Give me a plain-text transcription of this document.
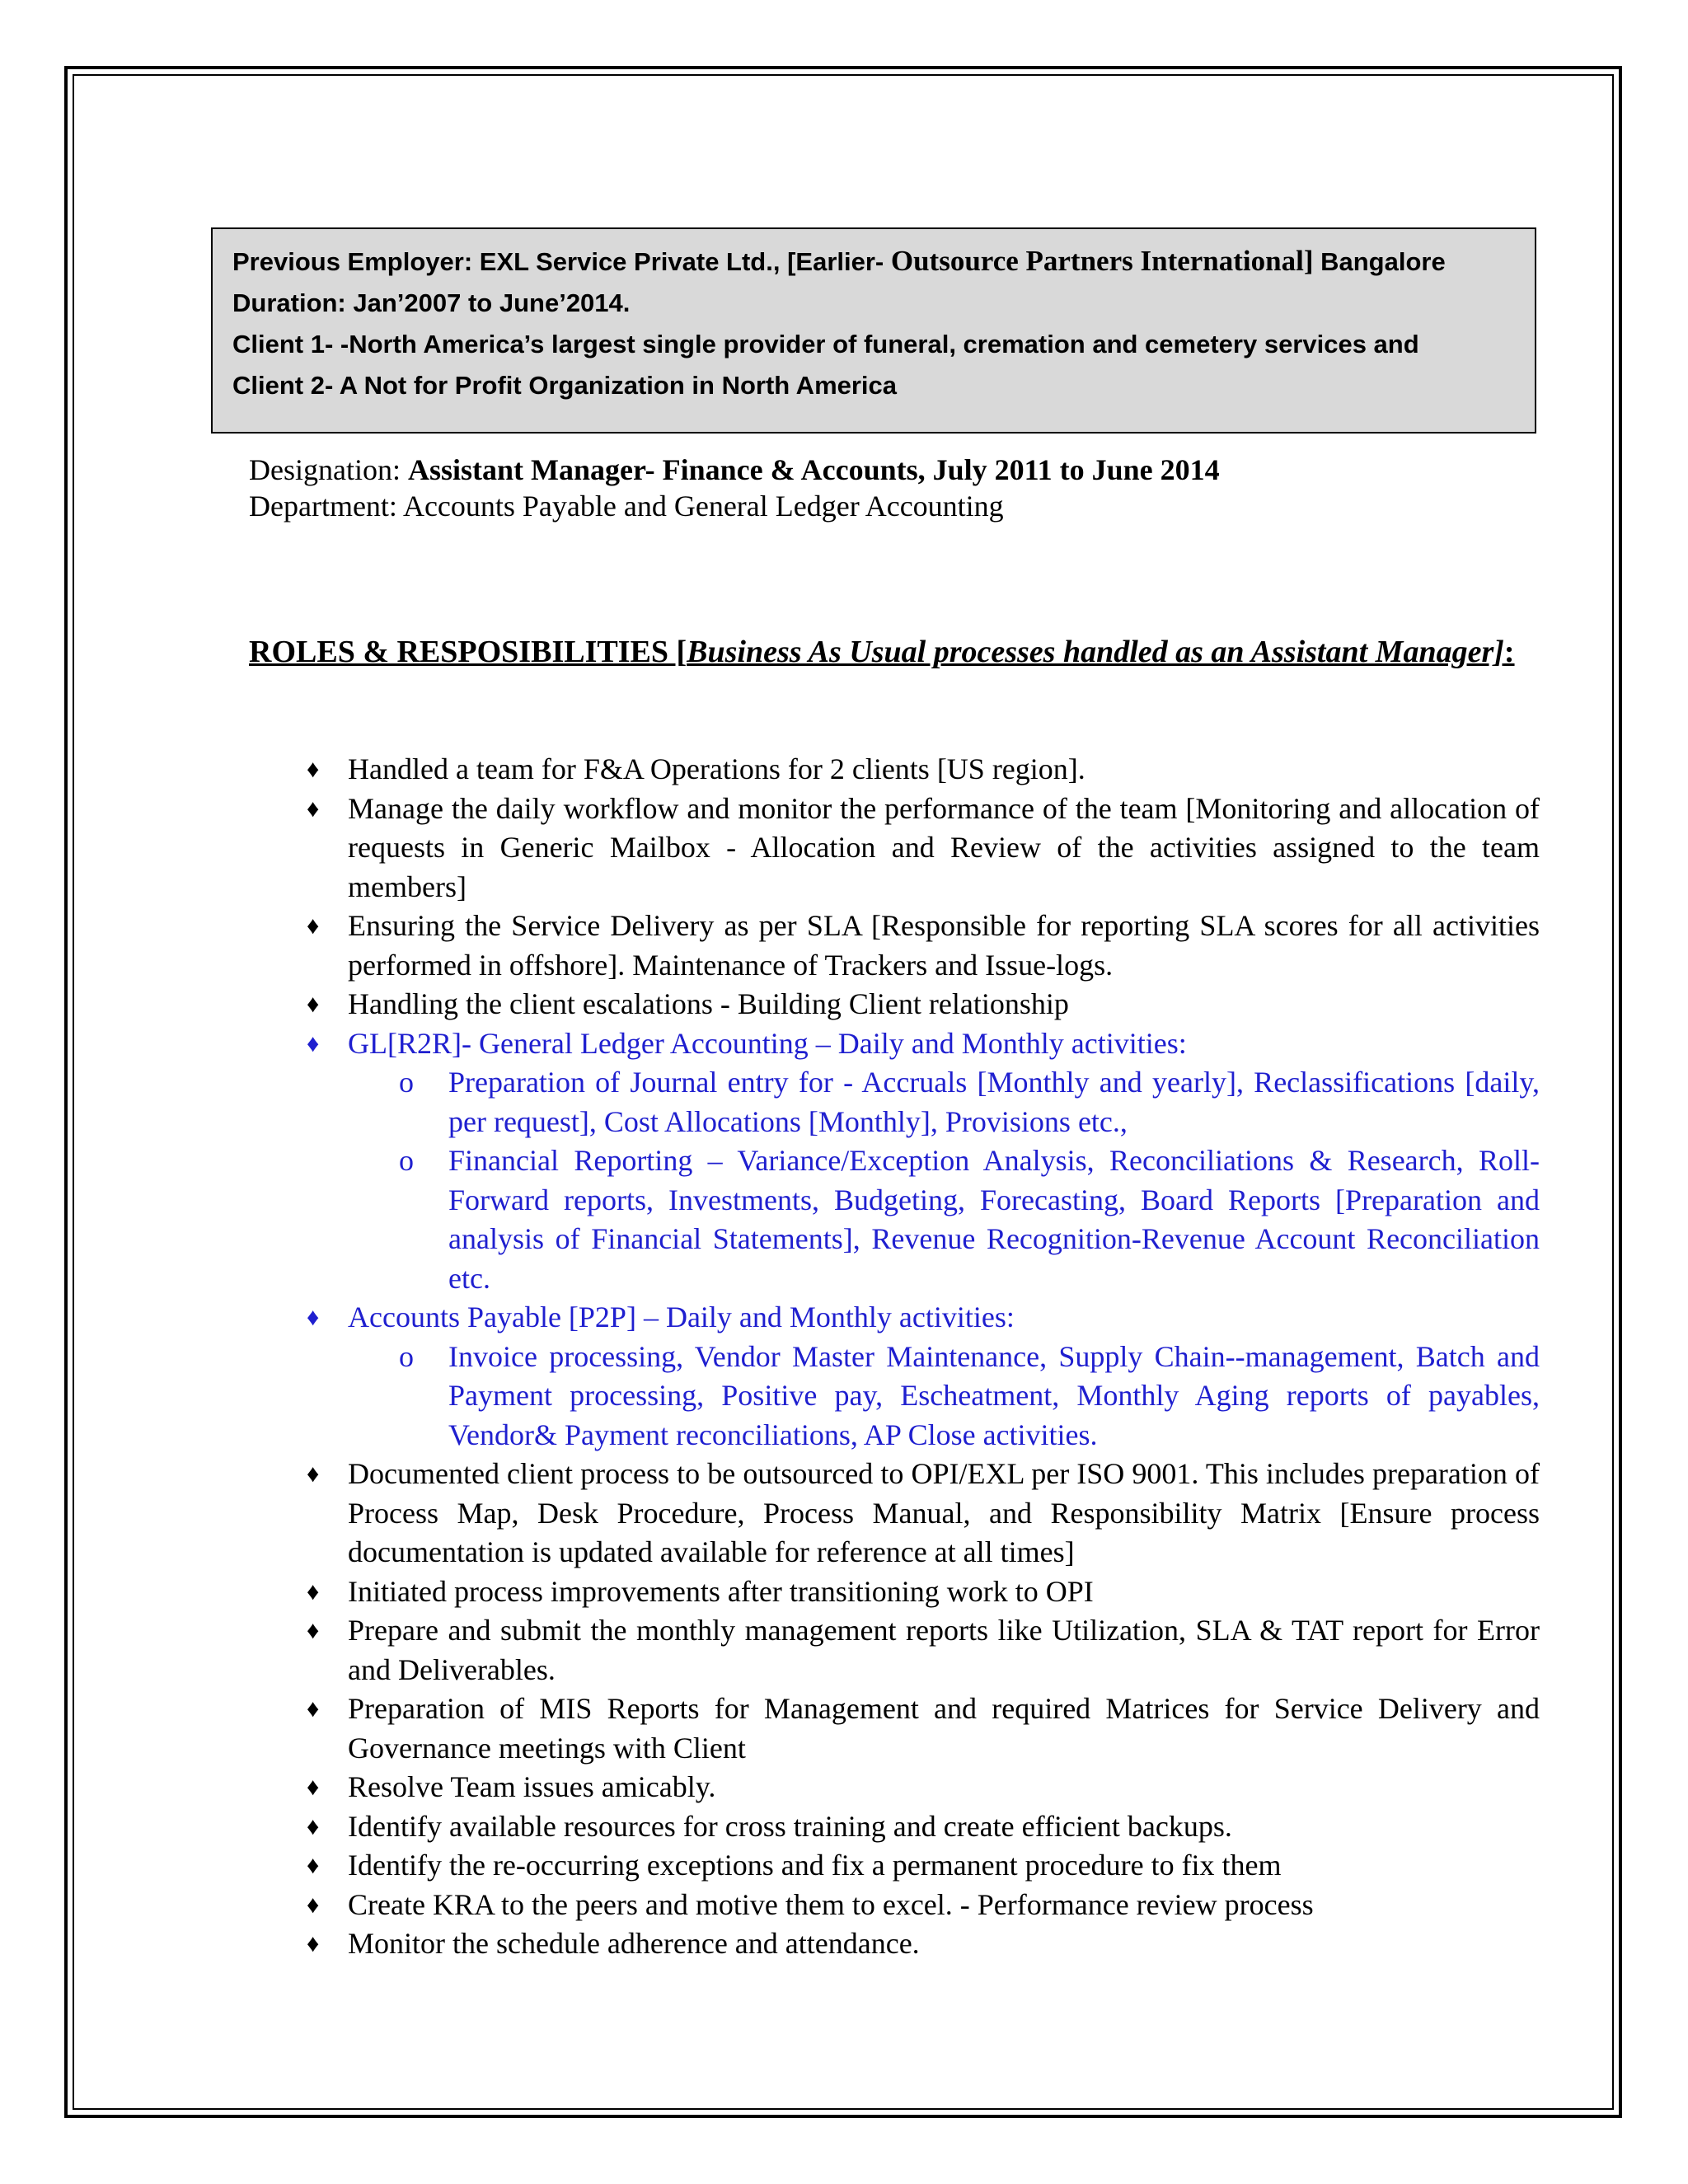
Previous Employer: EXL Service Private Ltd., [Earlier- Outsource Partners International] Bangalore
Duration: Jan’2007 to June’2014.
Client 1- -North America’s largest single provider of funeral, cremation and cemetery services and
Client 2- A Not for Profit Organization in North America
Designation: Assistant Manager- Finance & Accounts, July 2011 to June 2014
Department: Accounts Payable and General Ledger Accounting
ROLES & RESPOSIBILITIES [Business As Usual processes handled as an Assistant Manager]:
♦ Handled a team for F&A Operations for 2 clients [US region].
♦ Manage the daily workflow and monitor the performance of the team [Monitoring and allocation of requests in Generic Mailbox - Allocation and Review of the activities assigned to the team members]
♦ Ensuring the Service Delivery as per SLA [Responsible for reporting SLA scores for all activities performed in offshore]. Maintenance of Trackers and Issue-logs.
♦ Handling the client escalations - Building Client relationship
♦ GL[R2R]- General Ledger Accounting – Daily and Monthly activities:
o Preparation of Journal entry for - Accruals [Monthly and yearly], Reclassifications [daily, per request], Cost Allocations [Monthly], Provisions etc.,
o Financial Reporting – Variance/Exception Analysis, Reconciliations & Research, Roll-Forward reports, Investments, Budgeting, Forecasting, Board Reports [Preparation and analysis of Financial Statements], Revenue Recognition-Revenue Account Reconciliation etc.
♦ Accounts Payable [P2P] – Daily and Monthly activities:
o Invoice processing, Vendor Master Maintenance, Supply Chain--management, Batch and Payment processing, Positive pay, Escheatment, Monthly Aging reports of payables, Vendor& Payment reconciliations, AP Close activities.
♦ Documented client process to be outsourced to OPI/EXL per ISO 9001. This includes preparation of Process Map, Desk Procedure, Process Manual, and Responsibility Matrix [Ensure process documentation is updated available for reference at all times]
♦ Initiated process improvements after transitioning work to OPI
♦ Prepare and submit the monthly management reports like Utilization, SLA & TAT report for Error and Deliverables.
♦ Preparation of MIS Reports for Management and required Matrices for Service Delivery and Governance meetings with Client
♦ Resolve Team issues amicably.
♦ Identify available resources for cross training and create efficient backups.
♦ Identify the re-occurring exceptions and fix a permanent procedure to fix them
♦ Create KRA to the peers and motive them to excel. - Performance review process
♦ Monitor the schedule adherence and attendance.
